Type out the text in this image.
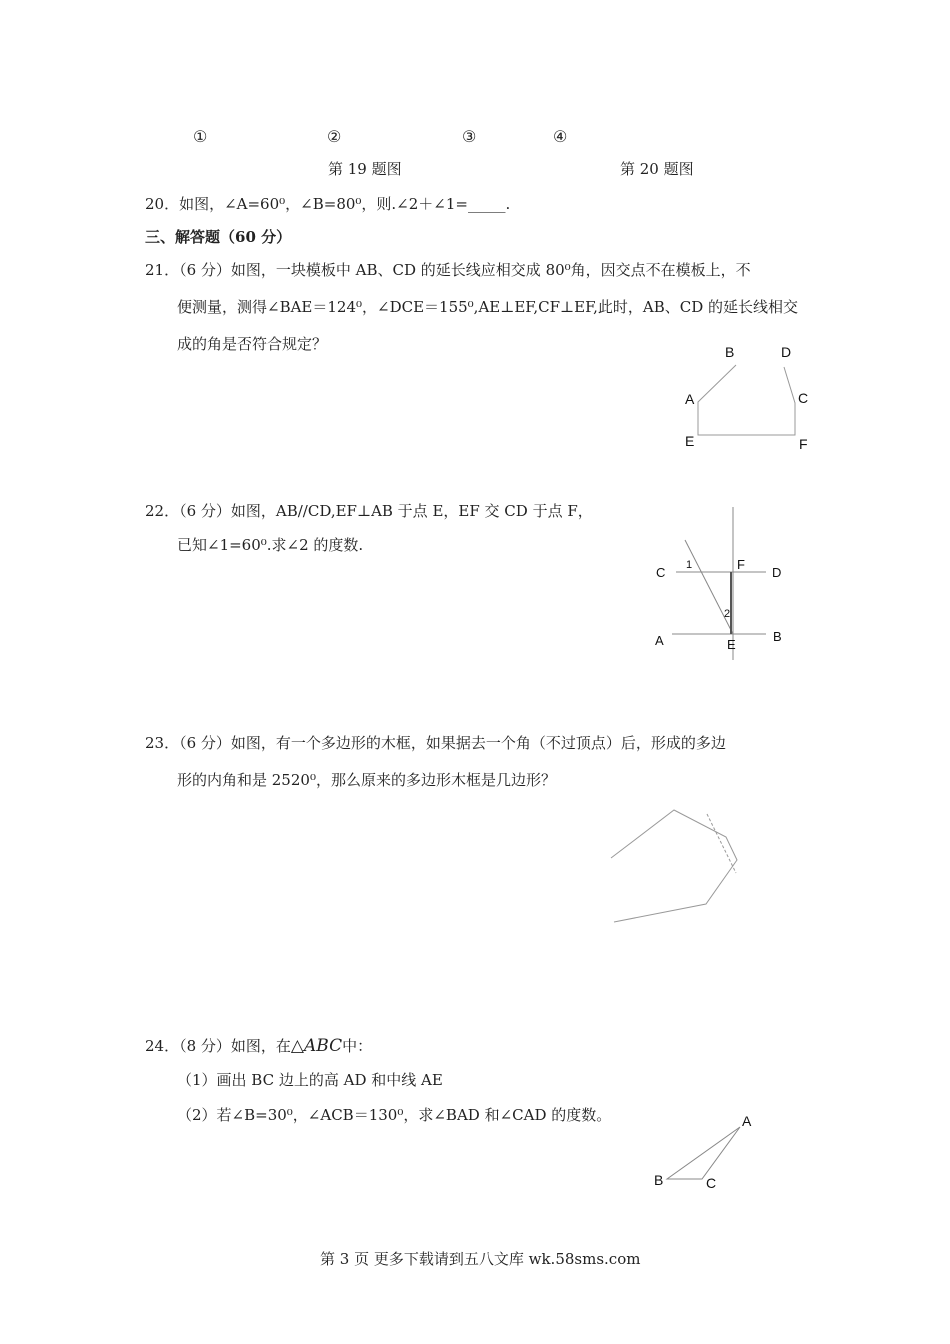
①	②	③	④
第 19 题图	第 20 题图
20．如图，∠A=60⁰，∠B=80⁰，则.∠2＋∠1=_____.
三、解答题（60 分）
21．（6 分）如图，一块模板中 AB、CD 的延长线应相交成 80⁰角，因交点不在模板上，不
便测量，测得∠BAE＝124⁰，∠DCE＝155⁰,AE⊥EF,CF⊥EF,此时，AB、CD 的延长线相交
成的角是否符合规定？
22．（6 分）如图，AB//CD,EF⊥AB 于点 E，EF 交 CD 于点 F，
已知∠1=60⁰.求∠2 的度数.
23．（6 分）如图，有一个多边形的木框，如果据去一个角（不过顶点）后，形成的多边
形的内角和是 2520⁰，那么原来的多边形木框是几边形？
24．（8 分）如图，在△ABC中：
（1）画出 BC 边上的高 AD 和中线 AE
（2）若∠B=30⁰，∠ACB＝130⁰，求∠BAD 和∠CAD 的度数。
B	D
A	C
E	F
C 1	F
D
2
A	E
B
A
B	C
第 3 页 更多下载请到五八文库 wk.58sms.com
